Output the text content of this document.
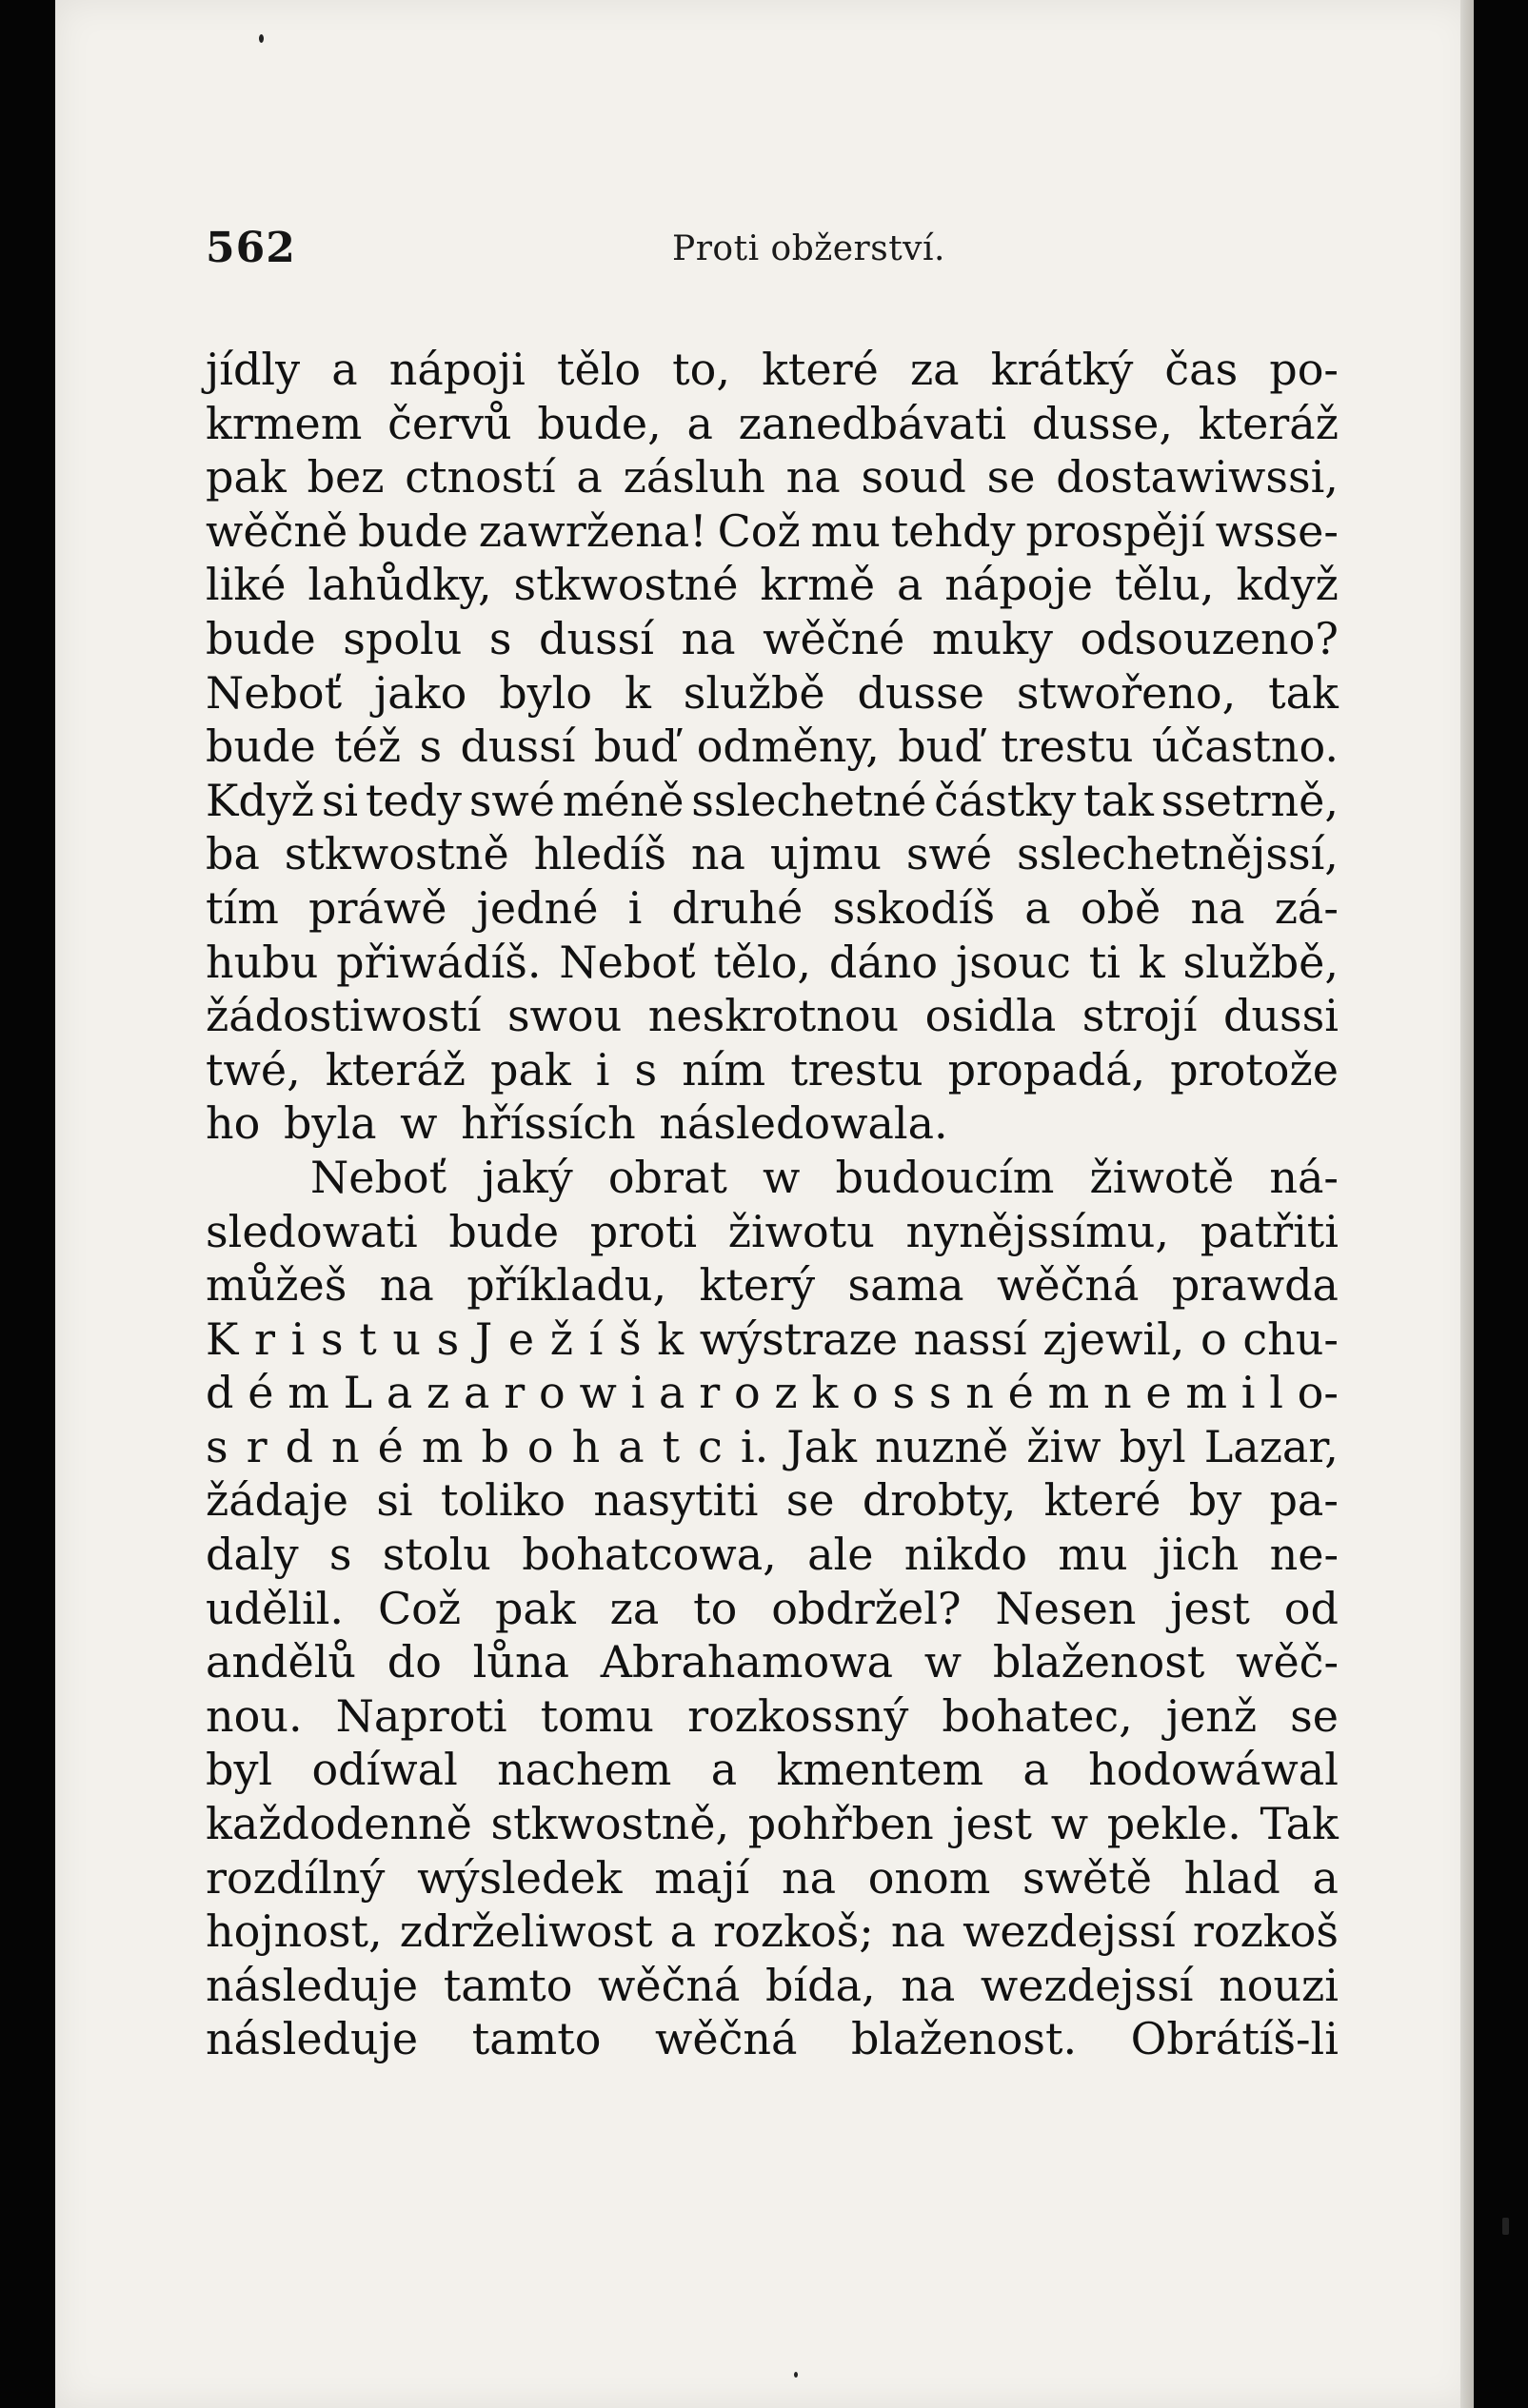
562	Proti obžerství.
jídly a nápoji tělo to, které za krátký čas po-
krmem červů bude, a zanedbávati dusse, kteráž
pak bez ctností a zásluh na soud se dostawiwssi,
wěčně bude zawržena! Což mu tehdy prospějí wsse-
liké lahůdky, stkwostné krmě a nápoje tělu, když
bude spolu s dussí na wěčné muky odsouzeno?
Neboť jako bylo k službě dusse stwořeno, tak
bude též s dussí buď odměny, buď trestu účastno.
Když si tedy swé méně sslechetné částky tak ssetrně,
ba stkwostně hledíš na ujmu swé sslechetnějssí,
tím práwě jedné i druhé sskodíš a obě na zá-
hubu přiwádíš. Neboť tělo, dáno jsouc ti k službě,
žádostiwostí swou neskrotnou osidla strojí dussi
twé, kteráž pak i s ním trestu propadá, protože
ho byla w hříssích následowala.
Neboť jaký obrat w budoucím žiwotě ná-
sledowati bude proti žiwotu nynějssímu, patřiti
můžeš na příkladu, který sama wěčná prawda
K r i s t u s J e ž í š k wýstraze nassí zjewil, o chu-
d é m L a z a r o w i a r o z k o s s n é m n e m i l o-
s r d n é m b o h a t c i. Jak nuzně žiw byl Lazar,
žádaje si toliko nasytiti se drobty, které by pa-
daly s stolu bohatcowa, ale nikdo mu jich ne-
udělil. Což pak za to obdržel? Nesen jest od
andělů do lůna Abrahamowa w blaženost wěč-
nou. Naproti tomu rozkossný bohatec, jenž se
byl odíwal nachem a kmentem a hodowáwal
každodenně stkwostně, pohřben jest w pekle. Tak
rozdílný wýsledek mají na onom swětě hlad a
hojnost, zdrželiwost a rozkoš; na wezdejssí rozkoš
následuje tamto wěčná bída, na wezdejssí nouzi
následuje tamto wěčná blaženost. Obrátíš-li
